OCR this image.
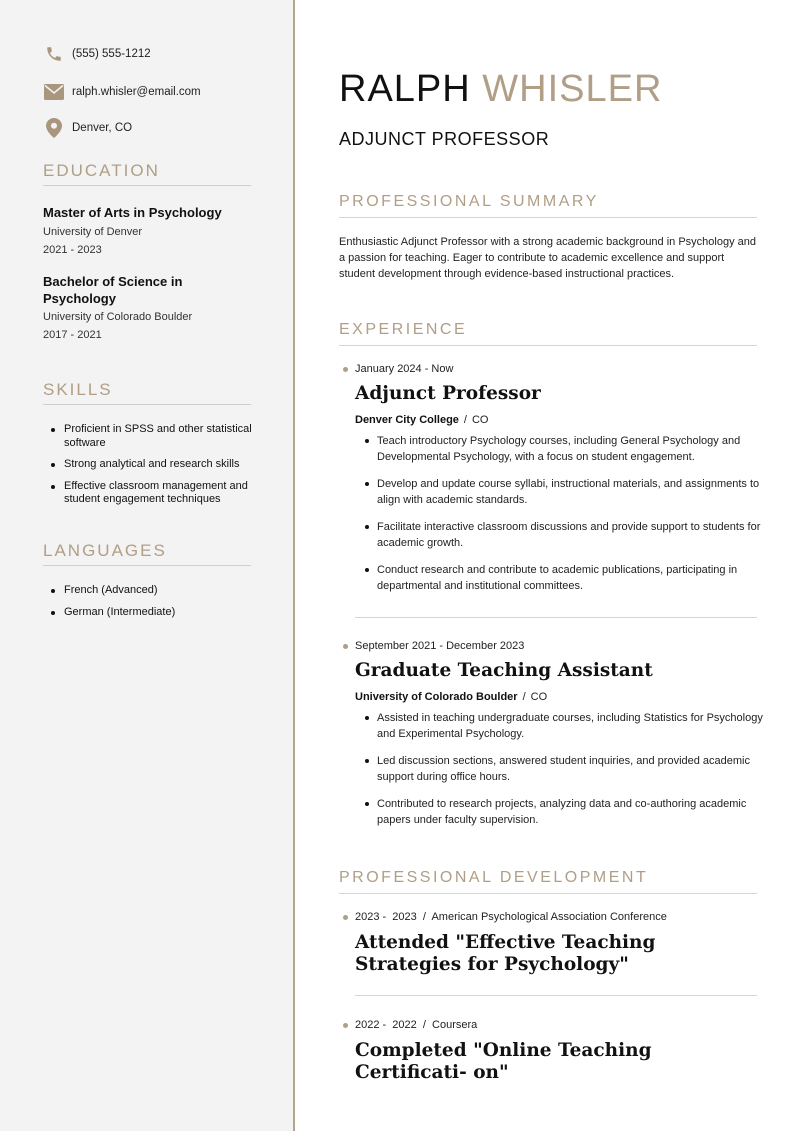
(555) 555-1212
ralph.whisler@email.com
Denver, CO
EDUCATION
Master of Arts in Psychology
University of Denver
2021 - 2023
Bachelor of Science in Psychology
University of Colorado Boulder
2017 - 2021
SKILLS
Proficient in SPSS and other statistical software
Strong analytical and research skills
Effective classroom management and student engagement techniques
LANGUAGES
French (Advanced)
German (Intermediate)
RALPH WHISLER
ADJUNCT PROFESSOR
PROFESSIONAL SUMMARY
Enthusiastic Adjunct Professor with a strong academic background in Psychology and a passion for teaching. Eager to contribute to academic excellence and support student development through evidence-based instructional practices.
EXPERIENCE
January 2024 - Now
Adjunct Professor
Denver City College / CO
Teach introductory Psychology courses, including General Psychology and Developmental Psychology, with a focus on student engagement.
Develop and update course syllabi, instructional materials, and assignments to align with academic standards.
Facilitate interactive classroom discussions and provide support to students for academic growth.
Conduct research and contribute to academic publications, participating in departmental and institutional committees.
September 2021 - December 2023
Graduate Teaching Assistant
University of Colorado Boulder / CO
Assisted in teaching undergraduate courses, including Statistics for Psychology and Experimental Psychology.
Led discussion sections, answered student inquiries, and provided academic support during office hours.
Contributed to research projects, analyzing data and co-authoring academic papers under faculty supervision.
PROFESSIONAL DEVELOPMENT
2023 -  2023  /  American Psychological Association Conference
Attended "Effective Teaching Strategies for Psychology"
2022 -  2022  /  Coursera
Completed "Online Teaching Certificati- on"
